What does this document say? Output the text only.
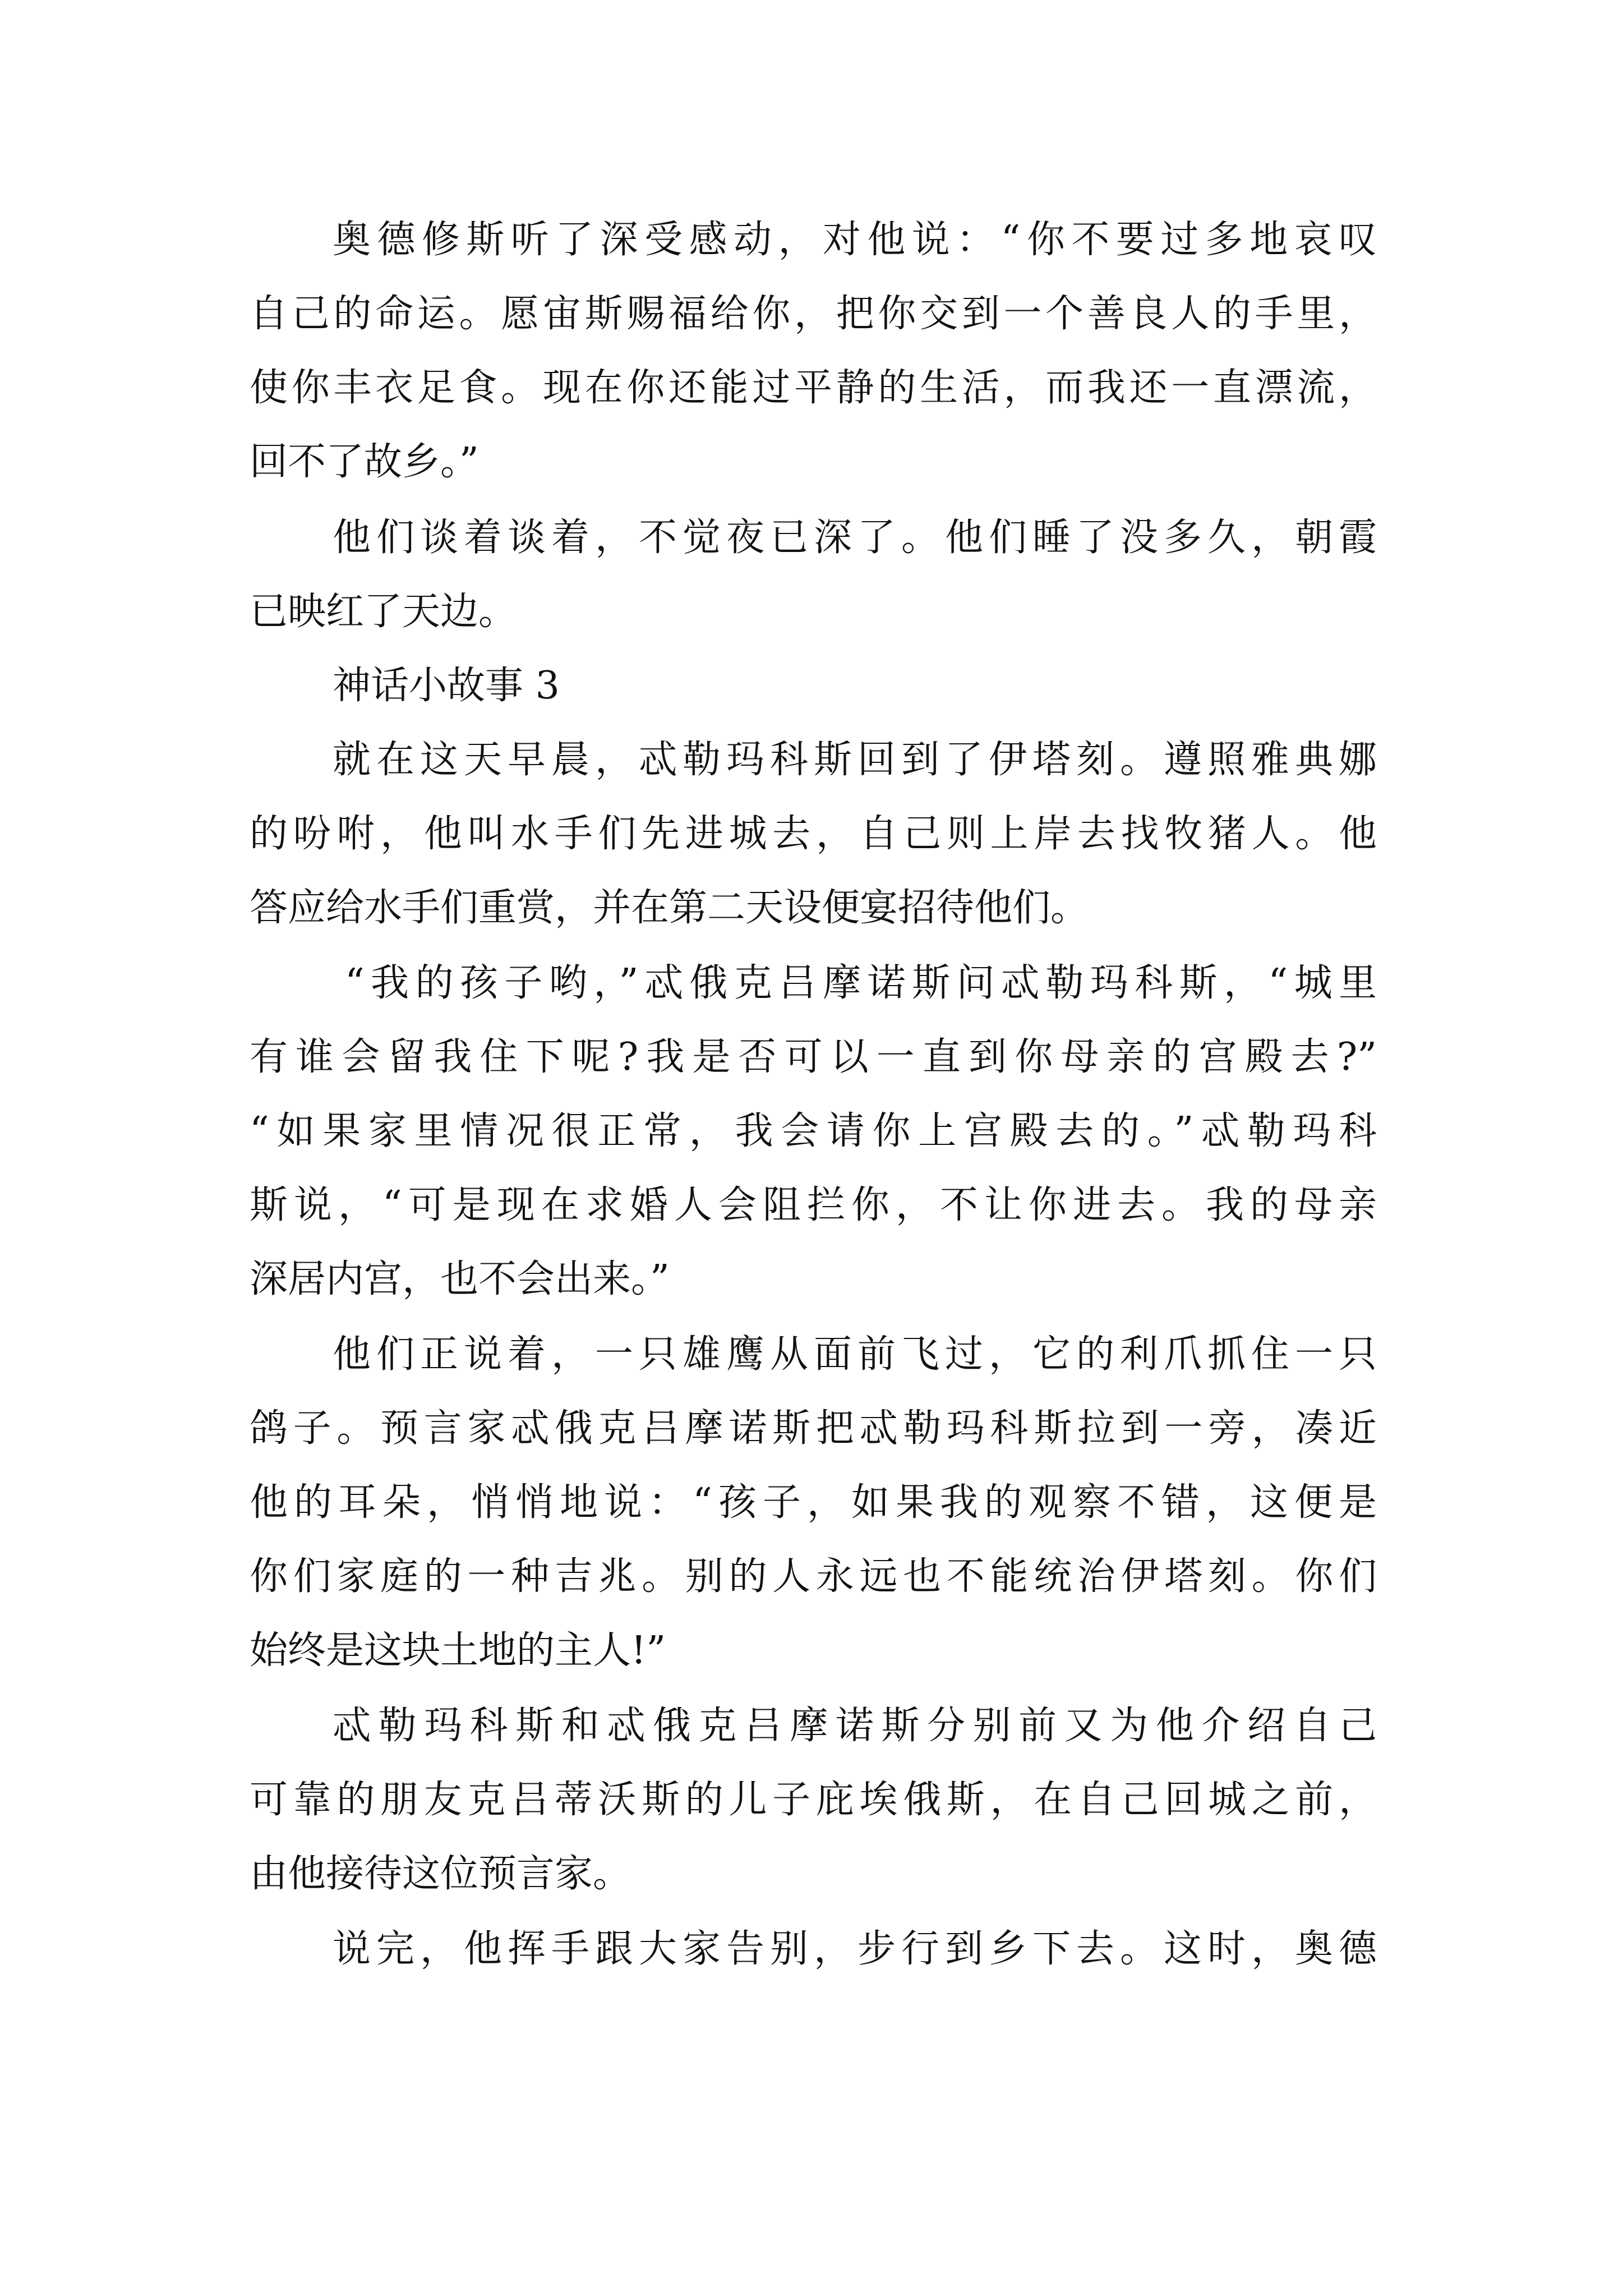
奥德修斯听了深受感动，对他说：“你不要过多地哀叹
自己的命运。愿宙斯赐福给你，把你交到一个善良人的手里，
使你丰衣足食。现在你还能过平静的生活，而我还一直漂流，
回不了故乡。”
他们谈着谈着，不觉夜已深了。他们睡了没多久，朝霞
已映红了天边。
神话小故事 3
就在这天早晨，忒勒玛科斯回到了伊塔刻。遵照雅典娜
的吩咐，他叫水手们先进城去，自己则上岸去找牧猪人。他
答应给水手们重赏，并在第二天设便宴招待他们。
“我的孩子哟，”忒俄克吕摩诺斯问忒勒玛科斯，“城里
有谁会留我住下呢?我是否可以一直到你母亲的宫殿去?”
“如果家里情况很正常，我会请你上宫殿去的。”忒勒玛科
斯说，“可是现在求婚人会阻拦你，不让你进去。我的母亲
深居内宫，也不会出来。”
他们正说着，一只雄鹰从面前飞过，它的利爪抓住一只
鸽子。预言家忒俄克吕摩诺斯把忒勒玛科斯拉到一旁，凑近
他的耳朵，悄悄地说：“孩子，如果我的观察不错，这便是
你们家庭的一种吉兆。别的人永远也不能统治伊塔刻。你们
始终是这块土地的主人!”
忒勒玛科斯和忒俄克吕摩诺斯分别前又为他介绍自己
可靠的朋友克吕蒂沃斯的儿子庇埃俄斯，在自己回城之前，
由他接待这位预言家。
说完，他挥手跟大家告别，步行到乡下去。这时，奥德
